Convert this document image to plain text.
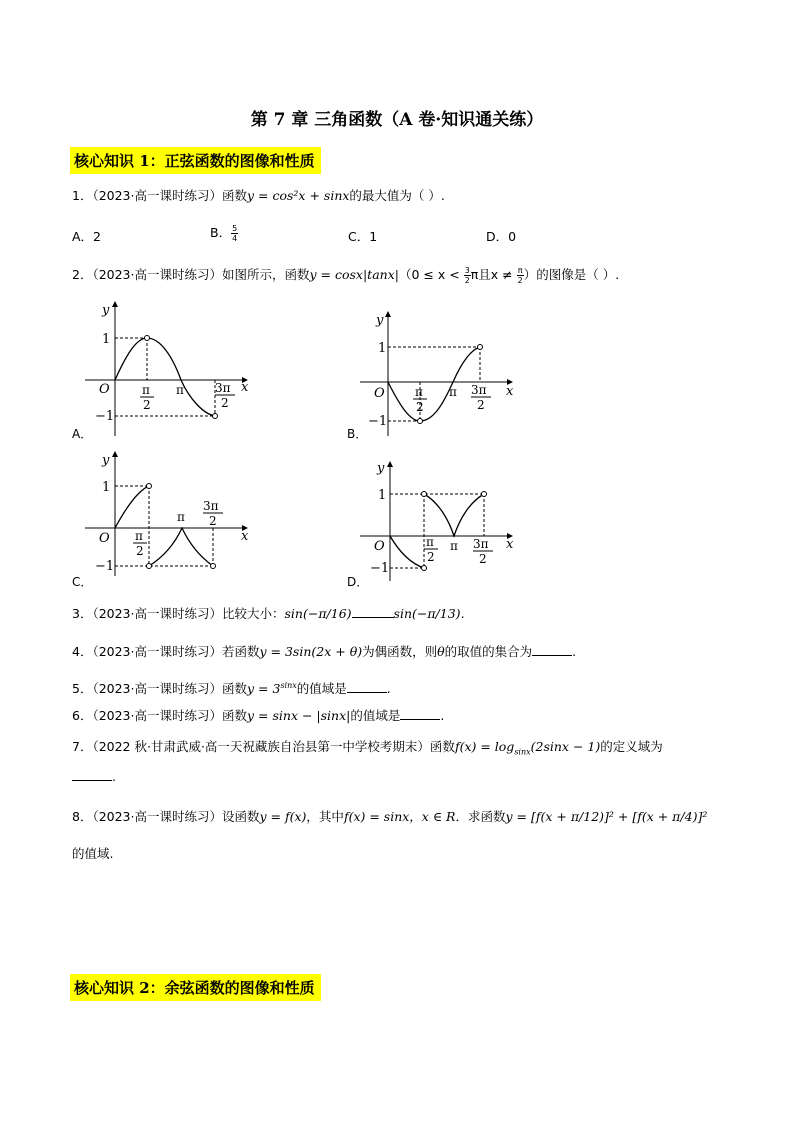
第 7 章 三角函数（A 卷·知识通关练）
核心知识 1：正弦函数的图像和性质
1．（2023·高一课时练习）函数y = cos²x + sinx的最大值为（ ）.
A．2	B． $\frac{5}{4}$	C．1	D．0
2．（2023·高一课时练习）如图所示，函数$y = \cos x|\tan x|(0 \le x < \frac{3}{2}$ π且$x \ne \frac{\pi}{2}$ ）的图像是（ ）.
y
x
O
1
−1
π
2
π	3π
2
A．
y
x
O
1
−1
π
2
π 3π
2
B．
y
x
O
1
−1
π
2
π
3π
2
C．
y
x
O
1
−1
π
2
π 3π
2
D．
3．（2023·高一课时练习）比较大小：sin(−π/16)	sin(−π/13).
4．（2023·高一课时练习）若函数y = 3sin(2x + θ)为偶函数，则θ的取值的集合为	.
5．（2023·高一课时练习）函数$y = 3^{sinx}$的值域是	.
6．（2023·高一课时练习）函数y = sinx − |sinx|的值域是	.
7．（2022 秋·甘肃武威·高一天祝藏族自治县第一中学校考期末）函数$f(x) = \log_{sinx}(2\sin x - 1)$的定义域为
.
8．（2023·高一课时练习）设函数y = f(x)，其中f(x) = sinx，x ∈ R．求函数y = [f(x + π/12)]² + [f(x + π/4)]²
的值域.
核心知识 2：余弦函数的图像和性质
